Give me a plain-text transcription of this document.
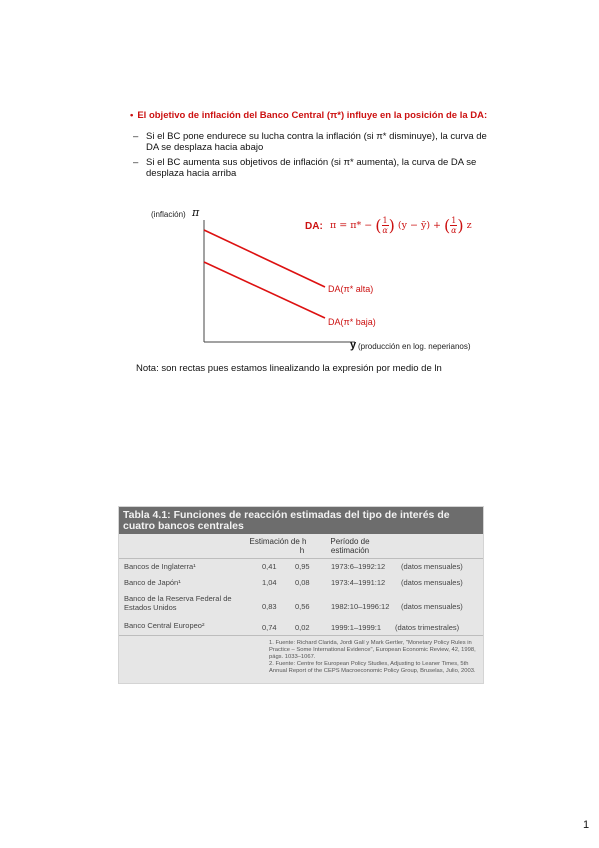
• El objetivo de inflación del Banco Central (π*) influye en la posición de la DA:
– Si el BC pone endurece su lucha contra la inflación (si π* disminuye), la curva de DA se desplaza hacia abajo
– Si el BC aumenta sus objetivos de inflación (si π* aumenta), la curva de DA se desplaza hacia arriba
(inflación) π
DA: π = π* − ( $\frac{1}{\alpha}$ ) (y − ȳ) + ( $\frac{1}{\alpha}$ ) z
DA(π* alta)
DA(π* baja)
y (producción en log. neperianos)
Nota: son rectas pues estamos linealizando la expresión por medio de ln
Tabla 4.1: Funciones de reacción estimadas del tipo de interés de cuatro bancos centrales
Estimación de h
h
Período de estimación
Bancos de Inglaterra¹	0,41 0,95	1973:6–1992:12 (datos mensuales)
Banco de Japón¹	1,04 0,08	1973:4–1991:12 (datos mensuales)
Banco de la Reserva Federal de Estados Unidos	0,83 0,56	1982:10–1996:12 (datos mensuales)
Banco Central Europeo²	0,74 0,02	1999:1–1999:1 (datos trimestrales)
1. Fuente: Richard Clarida, Jordi Galí y Mark Gertler, "Monetary Policy Rules in Practice – Some International Evidence", European Economic Review, 42, 1998, págs. 1033–1067.
2. Fuente: Centre for European Policy Studies, Adjusting to Leaner Times, 5th Annual Report of the CEPS Macroeconomic Policy Group, Bruselas, Julio, 2003.
1
